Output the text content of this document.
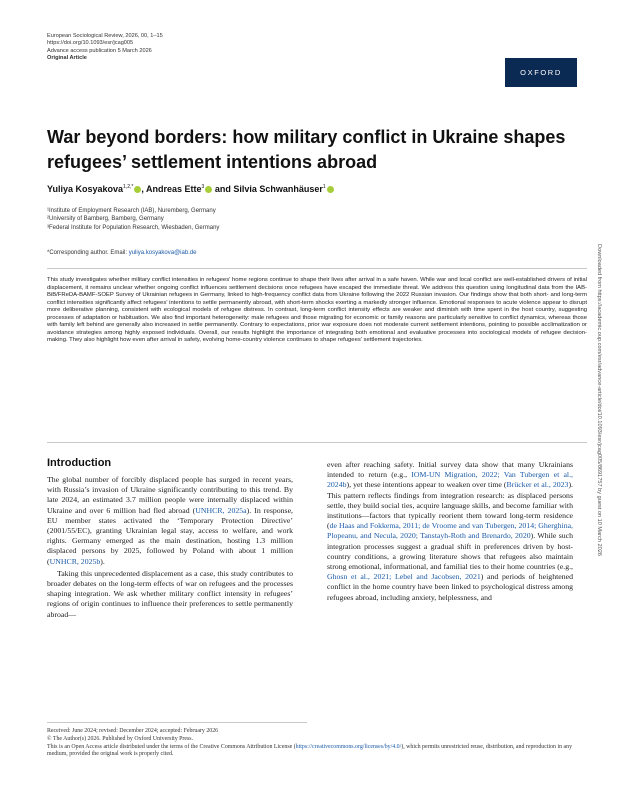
European Sociological Review, 2026, 00, 1–15
https://doi.org/10.1093/esr/jcag005
Advance access publication 5 March 2026
Original Article
OXFORD
War beyond borders: how military conflict in Ukraine shapes refugees’ settlement intentions abroad
Yuliya Kosyakova$^{1,2,*}$ , Andreas Ette$^3$ and Silvia Schwanhäuser$^1$
¹Institute of Employment Research (IAB), Nuremberg, Germany
²University of Bamberg, Bamberg, Germany
³Federal Institute for Population Research, Wiesbaden, Germany
*Corresponding author. Email: yuliya.kosyakova@iab.de

This study investigates whether military conflict intensities in refugees’ home regions continue to shape their lives after arrival in a safe haven. While war and local conflict are well-established drivers of initial displacement, it remains unclear whether ongoing conflict influences settlement decisions once refugees have escaped the immediate threat. We address this question using longitudinal data from the IAB-BiB/FReDA-BAMF-SOEP Survey of Ukrainian refugees in Germany, linked to high-frequency conflict data from Ukraine following the 2022 Russian invasion. Our findings show that both short- and long-term conflict intensities significantly affect refugees’ intentions to settle permanently abroad, with short-term shocks exerting a markedly stronger influence. Emotional responses to acute violence appear to disrupt more deliberative planning, consistent with ecological models of refugee distress. In contrast, long-term conflict intensity effects are weaker and diminish with time spent in the host country, suggesting processes of adaptation or habituation. We also find important heterogeneity: male refugees and those migrating for economic or family reasons are particularly sensitive to conflict dynamics, whereas those with family left behind are generally also increased in settle permanently. Contrary to expectations, prior war exposure does not moderate current settlement intentions, pointing to possible acclimatization or avoidance strategies among highly exposed individuals. Overall, our results highlight the importance of integrating both emotional and evaluative processes into sociological models of refugee decision-making. They also highlight how even after arrival in safety, evolving home-country violence continues to shape refugees’ settlement trajectories.

Introduction

The global number of forcibly displaced people has surged in recent years, with Russia’s invasion of Ukraine significantly contributing to this trend. By late 2024, an estimated 3.7 million people were internally displaced within Ukraine and over 6 million had fled abroad (UNHCR, 2025a). In response, EU member states activated the ‘Temporary Protection Directive’ (2001/55/EC), granting Ukrainian legal stay, access to welfare, and work rights. Germany emerged as the main destination, hosting 1.3 million displaced persons by 2025, followed by Poland with about 1 million (UNHCR, 2025b).

Taking this unprecedented displacement as a case, this study contributes to broader debates on the long-term effects of war on refugees and the processes shaping integration. We ask whether military conflict intensity in refugees’ regions of origin continues to influence their preferences to settle permanently abroad—

even after reaching safety. Initial survey data show that many Ukrainians intended to return (e.g., IOM-UN Migration, 2022; Van Tubergen et al., 2024b), yet these intentions appear to weaken over time (Brücker et al., 2023). This pattern reflects findings from integration research: as displaced persons settle, they build social ties, acquire language skills, and become familiar with institutions—factors that typically reorient them toward long-term residence (de Haas and Fokkema, 2011; de Vroome and van Tubergen, 2014; Gherghina, Plopeanu, and Necula, 2020; Tanstayh-Roth and Brenardo, 2020). While such integration processes suggest a gradual shift in preferences driven by host-country conditions, a growing literature shows that refugees also maintain strong emotional, informational, and familial ties to their home countries (e.g., Ghosn et al., 2021; Lebel and Jacobsen, 2021) and periods of heightened conflict in the home country have been linked to psychological distress among refugees abroad, including anxiety, helplessness, and

Received: June 2024; revised: December 2024; accepted: February 2026
© The Author(s) 2026. Published by Oxford University Press.
This is an Open Access article distributed under the terms of the Creative Commons Attribution License (https://creativecommons.org/licenses/by/4.0/), which permits unrestricted reuse, distribution, and reproduction in any medium, provided the original work is properly cited.
Downloaded from https://academic.oup.com/esr/advance-article/doi/10.1093/esr/jcag005/8691757 by guest on 10 March 2026
